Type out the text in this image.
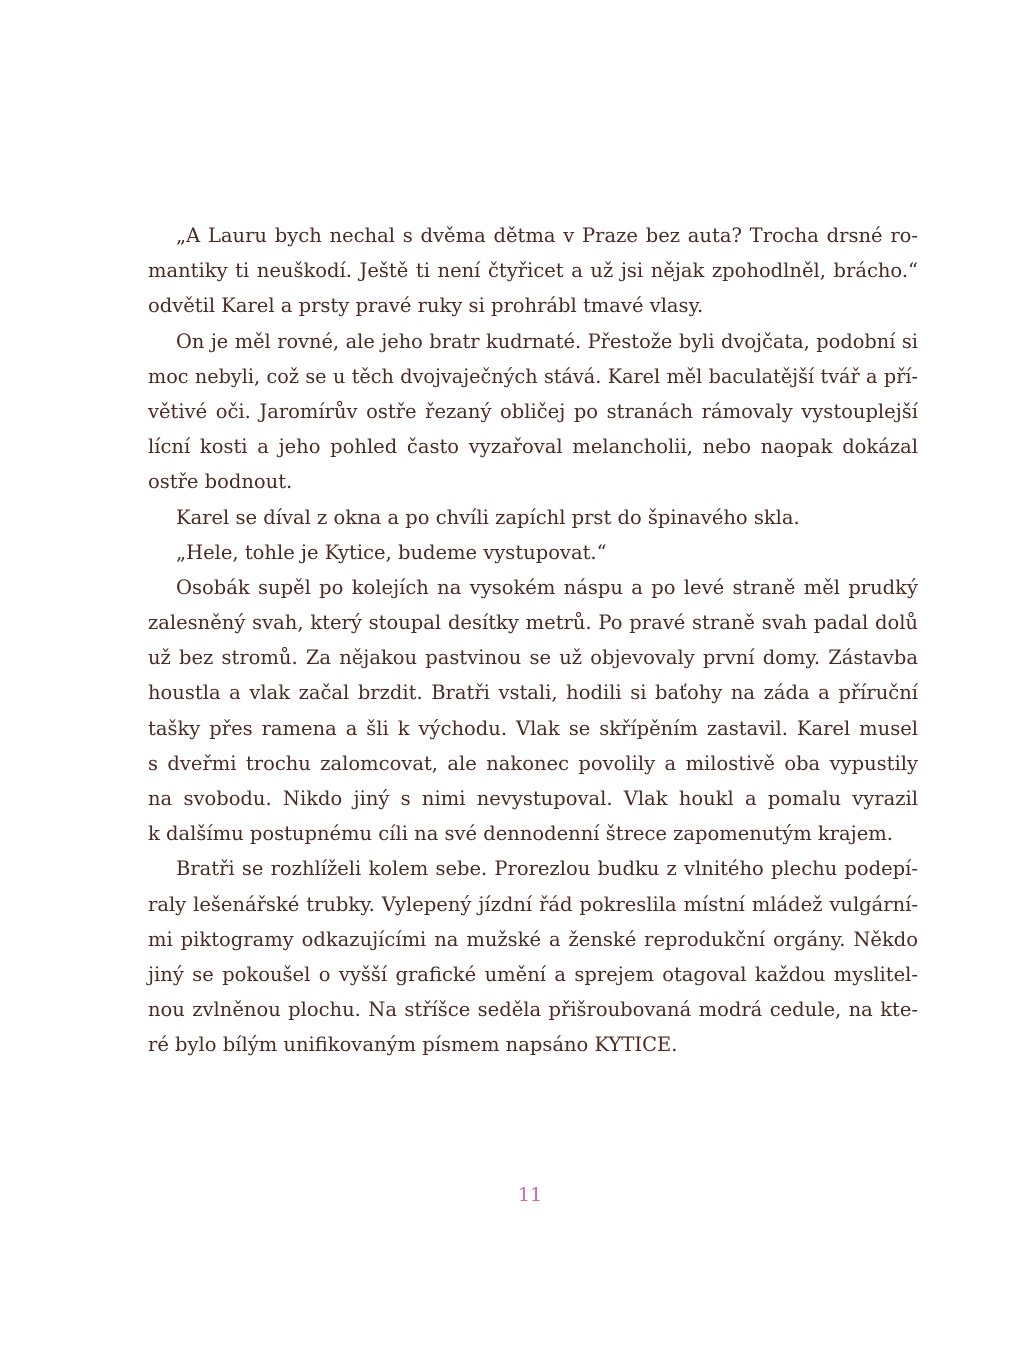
„A Lauru bych nechal s dvěma dětma v Praze bez auta? Trocha drsné ro-
mantiky ti neuškodí. Ještě ti není čtyřicet a už jsi nějak zpohodlněl, brácho.“
odvětil Karel a prsty pravé ruky si prohrábl tmavé vlasy.
On je měl rovné, ale jeho bratr kudrnaté. Přestože byli dvojčata, podobní si
moc nebyli, což se u těch dvojvaječných stává. Karel měl baculatější tvář a pří-
větivé oči. Jaromírův ostře řezaný obličej po stranách rámovaly vystouplejší
lícní kosti a jeho pohled často vyzařoval melancholii, nebo naopak dokázal
ostře bodnout.
Karel se díval z okna a po chvíli zapíchl prst do špinavého skla.
„Hele, tohle je Kytice, budeme vystupovat.“
Osobák supěl po kolejích na vysokém náspu a po levé straně měl prudký
zalesněný svah, který stoupal desítky metrů. Po pravé straně svah padal dolů
už bez stromů. Za nějakou pastvinou se už objevovaly první domy. Zástavba
houstla a vlak začal brzdit. Bratři vstali, hodili si baťohy na záda a příruční
tašky přes ramena a šli k východu. Vlak se skřípěním zastavil. Karel musel
s dveřmi trochu zalomcovat, ale nakonec povolily a milostivě oba vypustily
na svobodu. Nikdo jiný s nimi nevystupoval. Vlak houkl a pomalu vyrazil
k dalšímu postupnému cíli na své dennodenní štrece zapomenutým krajem.
Bratři se rozhlíželi kolem sebe. Prorezlou budku z vlnitého plechu podepí-
raly lešenářské trubky. Vylepený jízdní řád pokreslila místní mládež vulgární-
mi piktogramy odkazujícími na mužské a ženské reprodukční orgány. Někdo
jiný se pokoušel o vyšší grafické umění a sprejem otagoval každou myslitel-
nou zvlněnou plochu. Na stříšce seděla přišroubovaná modrá cedule, na kte-
ré bylo bílým unifikovaným písmem napsáno KYTICE.
11
